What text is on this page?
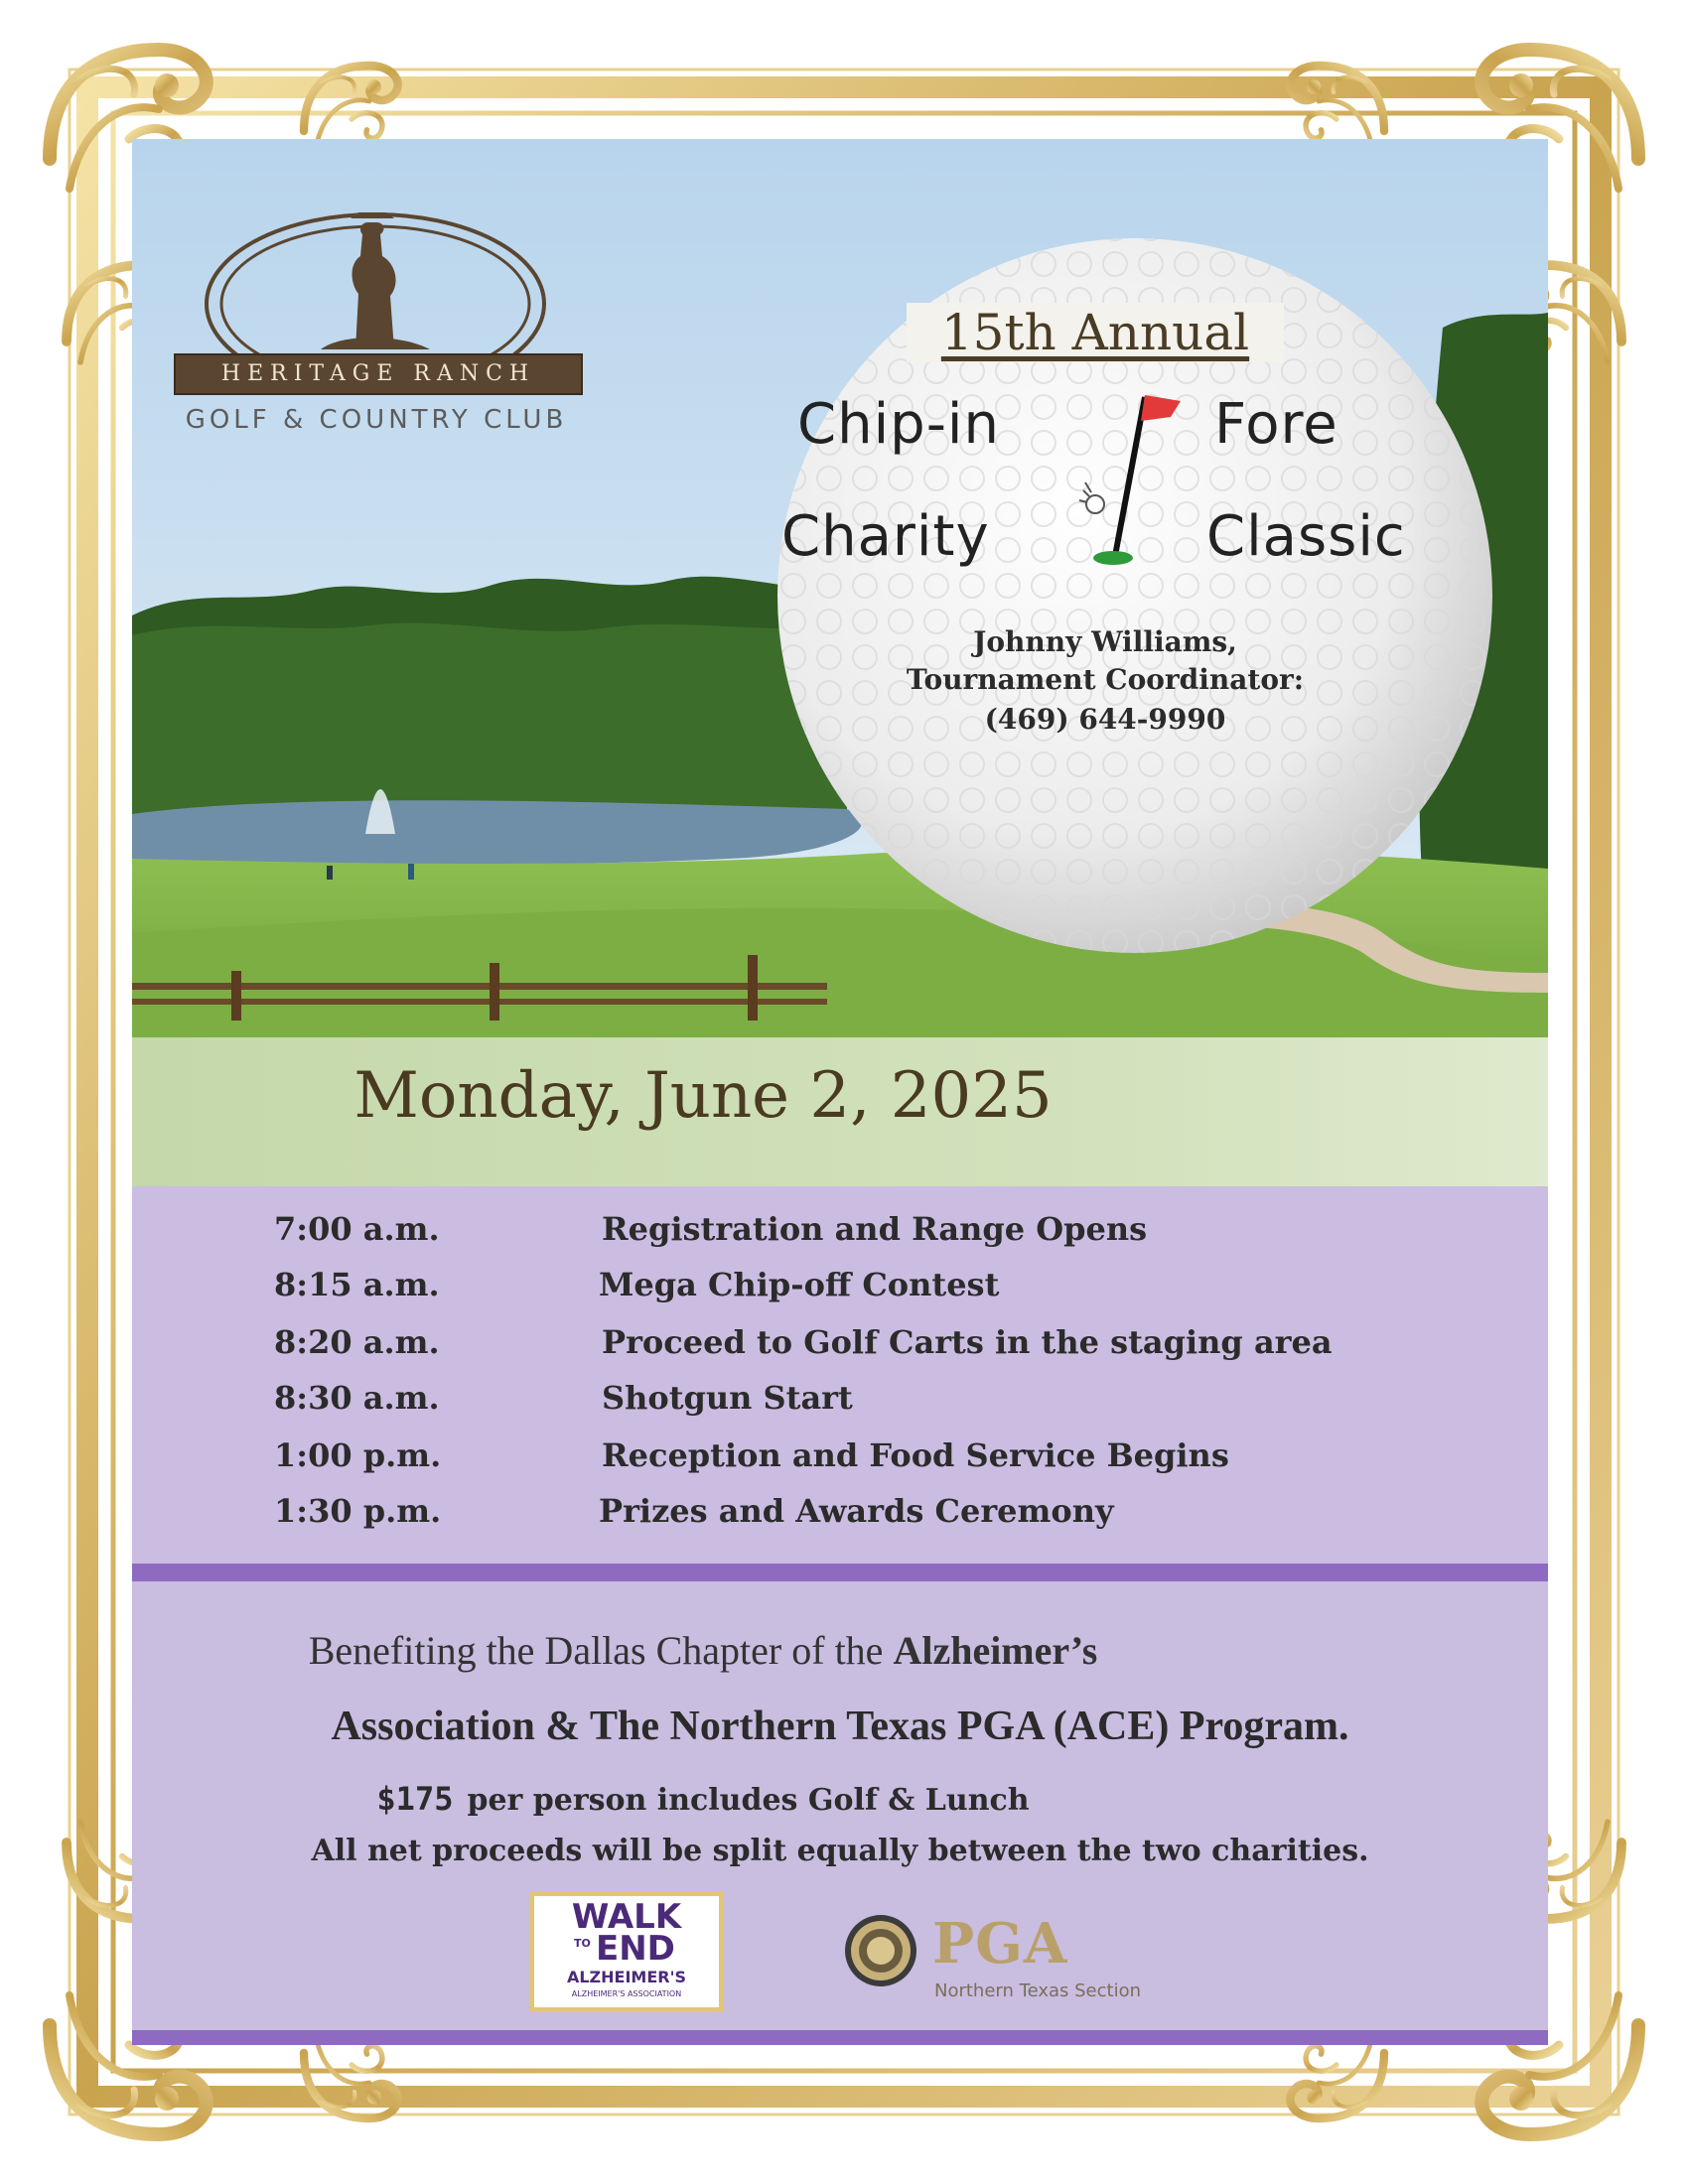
HERITAGE RANCH
GOLF & COUNTRY CLUB
15th Annual
Chip-in	Fore
Charity	Classic
Johnny Williams,
Tournament Coordinator:
(469) 644-9990
Monday, June 2, 2025
7:00 a.m.	Registration and Range Opens
8:15 a.m.	Mega Chip-off Contest
8:20 a.m.	Proceed to Golf Carts in the staging area
8:30 a.m.	Shotgun Start
1:00 p.m.	Reception and Food Service Begins
1:30 p.m.	Prizes and Awards Ceremony
Benefiting the Dallas Chapter of the Alzheimer’s
Association & The Northern Texas PGA (ACE) Program.
$175 per person includes Golf & Lunch
All net proceeds will be split equally between the two charities.
WALK
TO END
ALZHEIMER'S
ALZHEIMER'S ASSOCIATION
PGA
Northern Texas Section
